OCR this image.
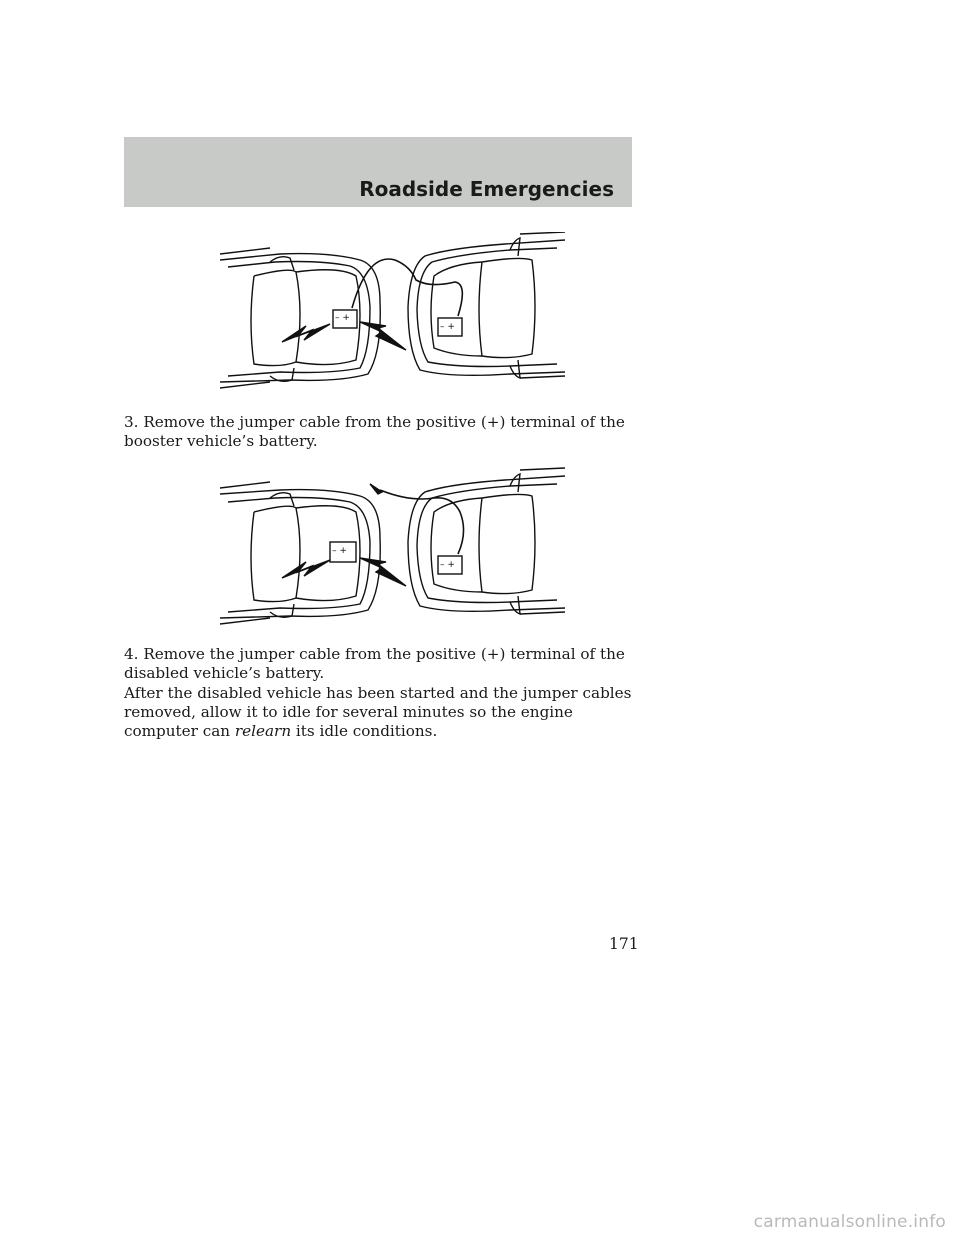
Roadside Emergencies
– +
– +

3. Remove the jumper cable from the positive (+) terminal of the booster vehicle’s battery.

– +
– +

4. Remove the jumper cable from the positive (+) terminal of the disabled vehicle’s battery.

After the disabled vehicle has been started and the jumper cables removed, allow it to idle for several minutes so the engine computer can relearn its idle conditions.

171
carmanualsonline.info
